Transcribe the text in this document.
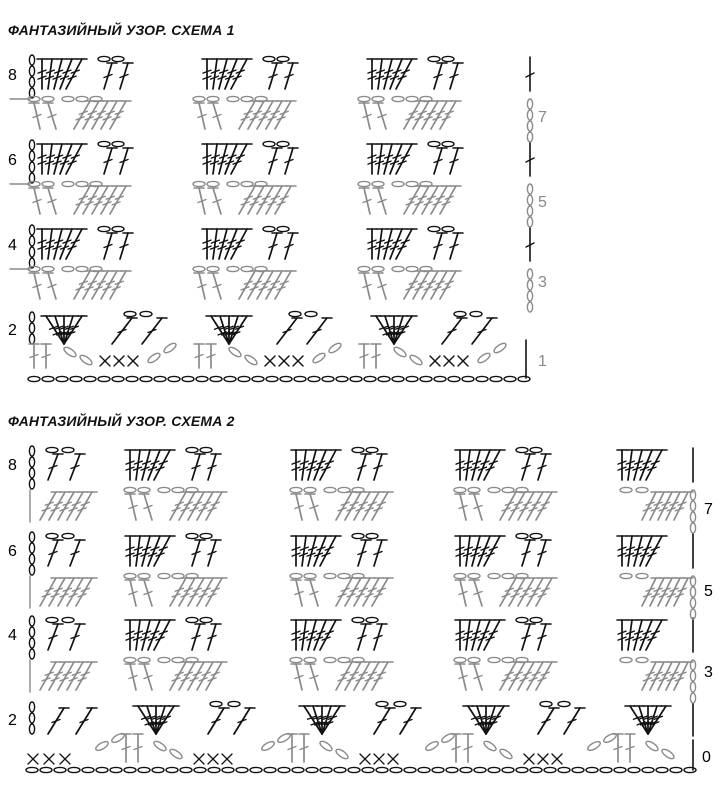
ФАНТАЗИЙНЫЙ УЗОР. СХЕМА 1
ФАНТАЗИЙНЫЙ УЗОР. СХЕМА 2
8
6
4
2
7
5
3
1
8
6
4
2
7
5
3
0
